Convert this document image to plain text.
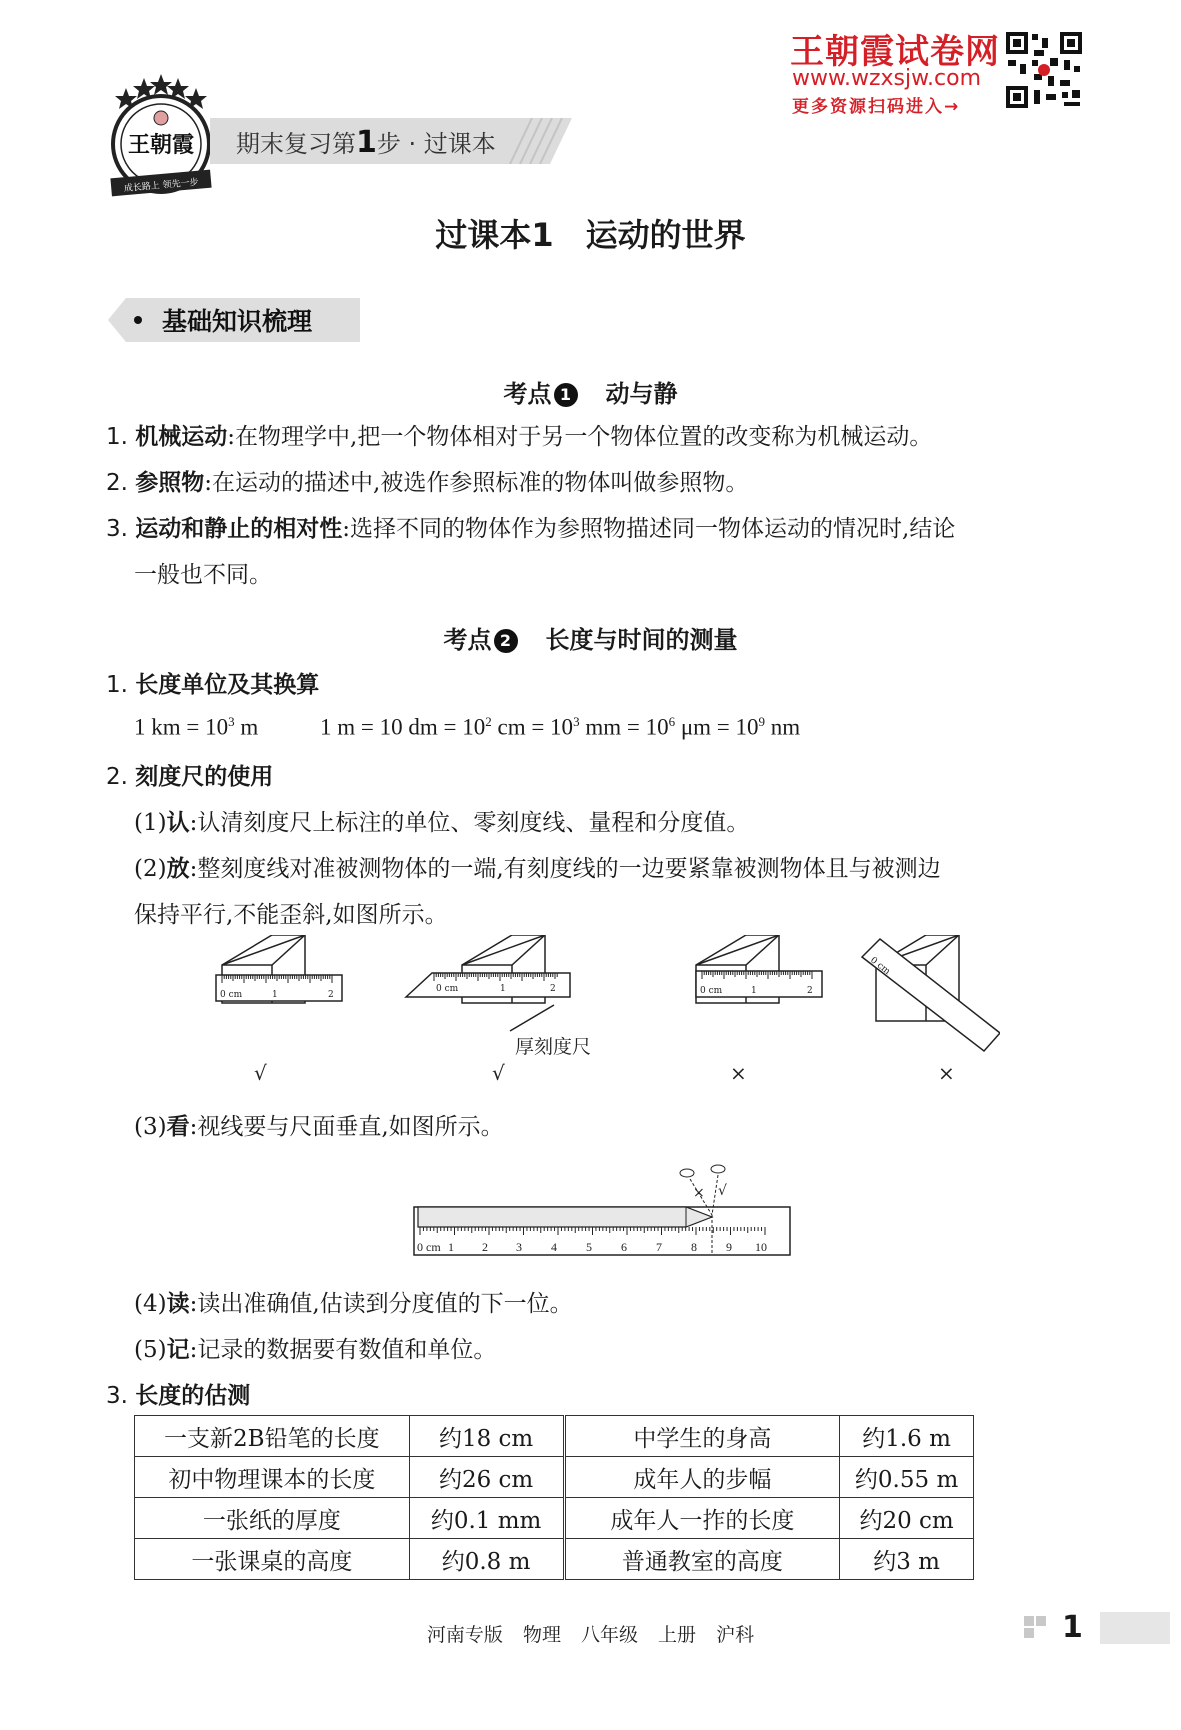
王朝霞试卷网
www.wzxsjw.com
更多资源扫码进入→
王朝霞
成长路上 领先一步
期末复习第1步 · 过课本
过课本1　运动的世界
基础知识梳理
考点 1　 动与静
1. 机械运动:在物理学中,把一个物体相对于另一个物体位置的改变称为机械运动。
2. 参照物:在运动的描述中,被选作参照标准的物体叫做参照物。
3. 运动和静止的相对性:选择不同的物体作为参照物描述同一物体运动的情况时,结论
一般也不同。
考点 2　 长度与时间的测量
1. 长度单位及其换算
1 km = $10^3$ m	1 m = 10 dm = $10^2$ cm = $10^3$ mm = $10^6$ $\mu m = 10^9$ nm
2. 刻度尺的使用
(1)认:认清刻度尺上标注的单位、零刻度线、量程和分度值。
(2)放:整刻度线对准被测物体的一端,有刻度线的一边要紧靠被测物体且与被测边
保持平行,不能歪斜,如图所示。
0 cm	1	2
0 cm	1	2	0 cm	1	2
0 cm
厚刻度尺
√	√	×	×
(3)看:视线要与尺面垂直,如图所示。
× √
0 cm 1 2 3 4 5 6 7 8 9 10
(4)读:读出准确值,估读到分度值的下一位。
(5)记:记录的数据要有数值和单位。
3. 长度的估测
一支新2B铅笔的长度	约18 cm	中学生的身高	约1.6 m
初中物理课本的长度	约26 cm	成年人的步幅	约0.55 m
一张纸的厚度	约0.1 mm	成年人一拃的长度	约20 cm
一张课桌的高度	约0.8 m	普通教室的高度	约3 m
河南专版 物理 八年级 上册 沪科	1
